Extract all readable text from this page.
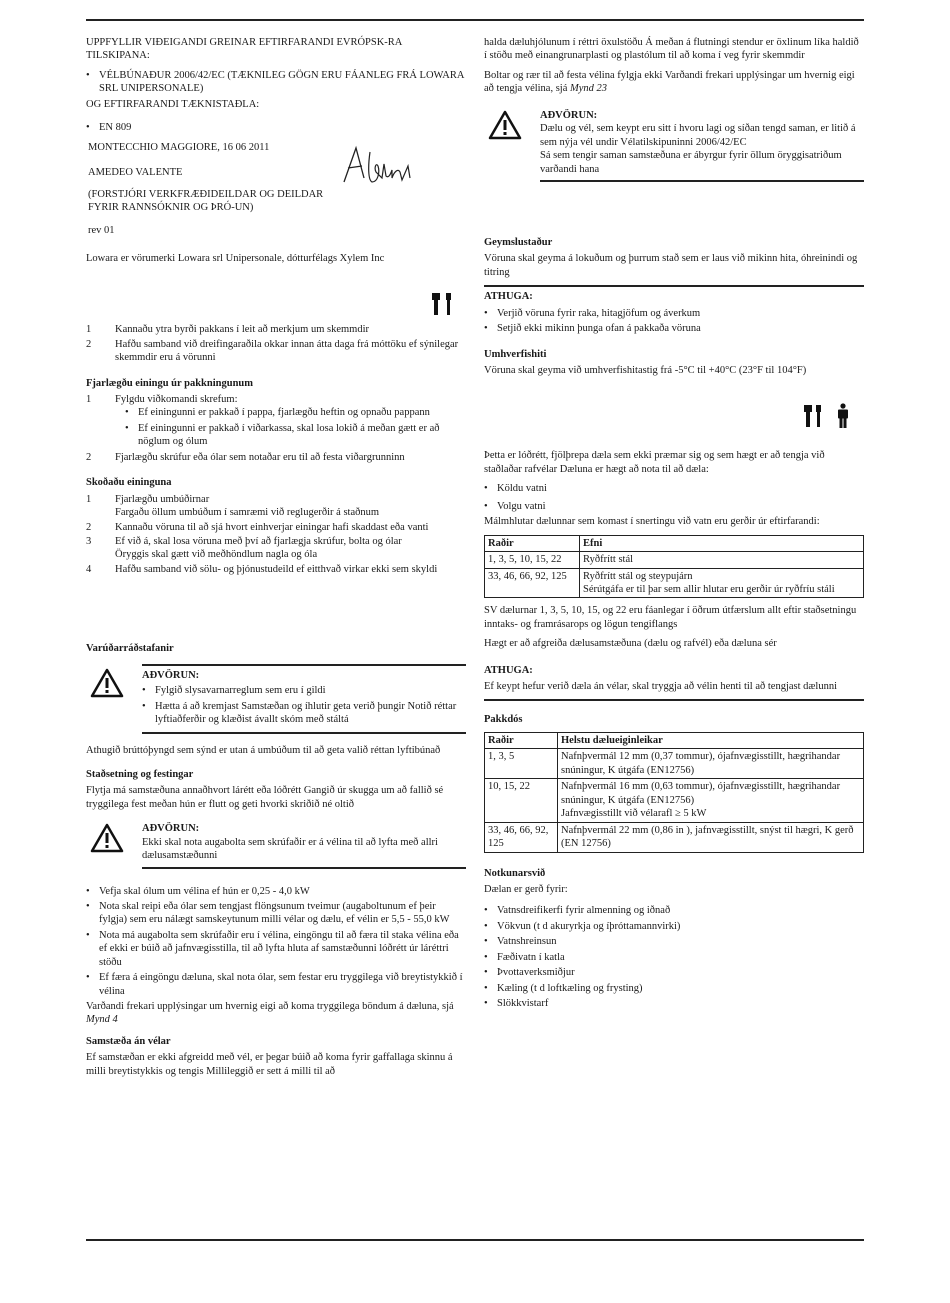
UPPFYLLIR VIÐEIGANDI GREINAR EFTIRFARANDI EVRÓPSK-RA TILSKIPANA:

• VÉLBÚNAÐUR 2006/42/EC (TÆKNILEG GÖGN ERU FÁANLEG FRÁ LOWARA SRL UNIPERSONALE)

OG EFTIRFARANDI TÆKNISTAÐLA:

• EN 809

MONTECCHIO MAGGIORE, 16 06 2011

AMEDEO VALENTE

(FORSTJÓRI VERKFRÆÐIDEILDAR OG DEILDAR FYRIR RANNSÓKNIR OG ÞRÓ-UN)

rev 01

Lowara er vörumerki Lowara srl Unipersonale, dótturfélags Xylem Inc

1 Kannaðu ytra byrði pakkans í leit að merkjum um skemmdir
2 Hafðu samband við dreifingaraðila okkar innan átta daga frá móttöku ef sýnilegar skemmdir eru á vörunni

Fjarlægðu einingu úr pakkningunum

1 Fylgdu viðkomandi skrefum:
• Ef einingunni er pakkað í pappa, fjarlægðu heftin og opnaðu pappann
• Ef einingunni er pakkað í viðarkassa, skal losa lokið á meðan gætt er að nöglum og ólum
2 Fjarlægðu skrúfur eða ólar sem notaðar eru til að festa viðargrunninn

Skoðaðu eininguna

1 Fjarlægðu umbúðirnar
Fargaðu öllum umbúðum í samræmi við reglugerðir á staðnum
2 Kannaðu vöruna til að sjá hvort einhverjar einingar hafi skaddast eða vanti
3 Ef við á, skal losa vöruna með því að fjarlægja skrúfur, bolta og ólar
Öryggis skal gætt við meðhöndlum nagla og óla
4 Hafðu samband við sölu- og þjónustudeild ef eitthvað virkar ekki sem skyldi

Varúðarráðstafanir

AÐVÖRUN:
• Fylgið slysavarnarreglum sem eru í gildi
• Hætta á að kremjast Samstæðan og íhlutir geta verið þungir Notið réttar lyftiaðferðir og klæðist ávallt skóm með stáltá

Athugið brúttóþyngd sem sýnd er utan á umbúðum til að geta valið réttan lyftibúnað

Staðsetning og festingar

Flytja má samstæðuna annaðhvort lárétt eða lóðrétt Gangið úr skugga um að fallið sé tryggilega fest meðan hún er flutt og geti hvorki skriðið né oltið

AÐVÖRUN:
Ekki skal nota augabolta sem skrúfaðir er á vélina til að lyfta með allri dælusamstæðunni
• Vefja skal ólum um vélina ef hún er 0,25 - 4,0 kW
• Nota skal reipi eða ólar sem tengjast flöngsunum tveimur (augaboltunum ef þeir fylgja) sem eru nálægt samskeytunum milli vélar og dælu, ef vélin er 5,5 - 55,0 kW
• Nota má augabolta sem skrúfaðir eru í vélina, eingöngu til að færa til staka vélina eða ef ekki er búið að jafnvægisstilla, til að lyfta hluta af samstæðunni lóðrétt úr láréttri stöðu
• Ef færa á eingöngu dæluna, skal nota ólar, sem festar eru tryggilega við breytistykkið í vélina

Varðandi frekari upplýsingar um hvernig eigi að koma tryggilega böndum á dæluna, sjá Mynd 4

Samstæða án vélar

Ef samstæðan er ekki afgreidd með vél, er þegar búið að koma fyrir gaffallaga skinnu á milli breytistykkis og tengis Millileggið er sett á milli til að

halda dæluhjólunum í réttri öxulstöðu Á meðan á flutningi stendur er öxlinum líka haldið í stöðu með einangrunarplasti og plastólum til að koma í veg fyrir skemmdir

Boltar og rær til að festa vélina fylgja ekki Varðandi frekari upplýsingar um hvernig eigi að tengja vélina, sjá Mynd 23

AÐVÖRUN:
Dælu og vél, sem keypt eru sitt í hvoru lagi og síðan tengd saman, er litið á sem nýja vél undir Vélatilskipuninni 2006/42/EC
Sá sem tengir saman samstæðuna er ábyrgur fyrir öllum öryggisatriðum varðandi hana

Geymslustaður

Vöruna skal geyma á lokuðum og þurrum stað sem er laus við mikinn hita, óhreinindi og titring

ATHUGA:
• Verjið vöruna fyrir raka, hitagjöfum og áverkum
• Setjið ekki mikinn þunga ofan á pakkaða vöruna

Umhverfishiti

Vöruna skal geyma við umhverfishitastig frá -5°C til +40°C (23°F til 104°F)

Þetta er lóðrétt, fjölþrepa dæla sem ekki præmar sig og sem hægt er að tengja við staðlaðar rafvélar Dæluna er hægt að nota til að dæla:

• Köldu vatni
• Volgu vatni

Málmhlutar dælunnar sem komast í snertingu við vatn eru gerðir úr eftirfarandi:

Raðir	Efni
1, 3, 5, 10, 15, 22	Ryðfrítt stál
33, 46, 66, 92, 125	Ryðfrítt stál og steypujárn
Sérútgáfa er til þar sem allir hlutar eru gerðir úr ryðfríu stáli

SV dælurnar 1, 3, 5, 10, 15, og 22 eru fáanlegar í öðrum útfærslum allt eftir staðsetningu inntaks- og framrásarops og lögun tengiflangs

Hægt er að afgreiða dælusamstæðuna (dælu og rafvél) eða dæluna sér

ATHUGA:
Ef keypt hefur verið dæla án vélar, skal tryggja að vélin henti til að tengjast dælunni

Pakkdós

Raðir	Helstu dælueiginleikar
1, 3, 5	Nafnþvermál 12 mm (0,37 tommur), ójafnvægisstillt, hægrihandar snúningur, K útgáfa (EN12756)
10, 15, 22	Nafnþvermál 16 mm (0,63 tommur), ójafnvægisstillt, hægrihandar snúningur, K útgáfa (EN12756)
Jafnvægisstillt við vélarafl ≥ 5 kW

33, 46, 66, 92, 125	Nafnþvermál 22 mm (0,86 in ), jafnvægisstillt, snýst til hægri, K gerð (EN 12756)

Notkunarsvið

Dælan er gerð fyrir:

• Vatnsdreifikerfi fyrir almenning og iðnað
• Vökvun (t d akuryrkja og íþróttamannvirki)
• Vatnshreinsun
• Fæðivatn í katla
• Þvottaverksmiðjur
• Kæling (t d loftkæling og frysting)
• Slökkvistarf
